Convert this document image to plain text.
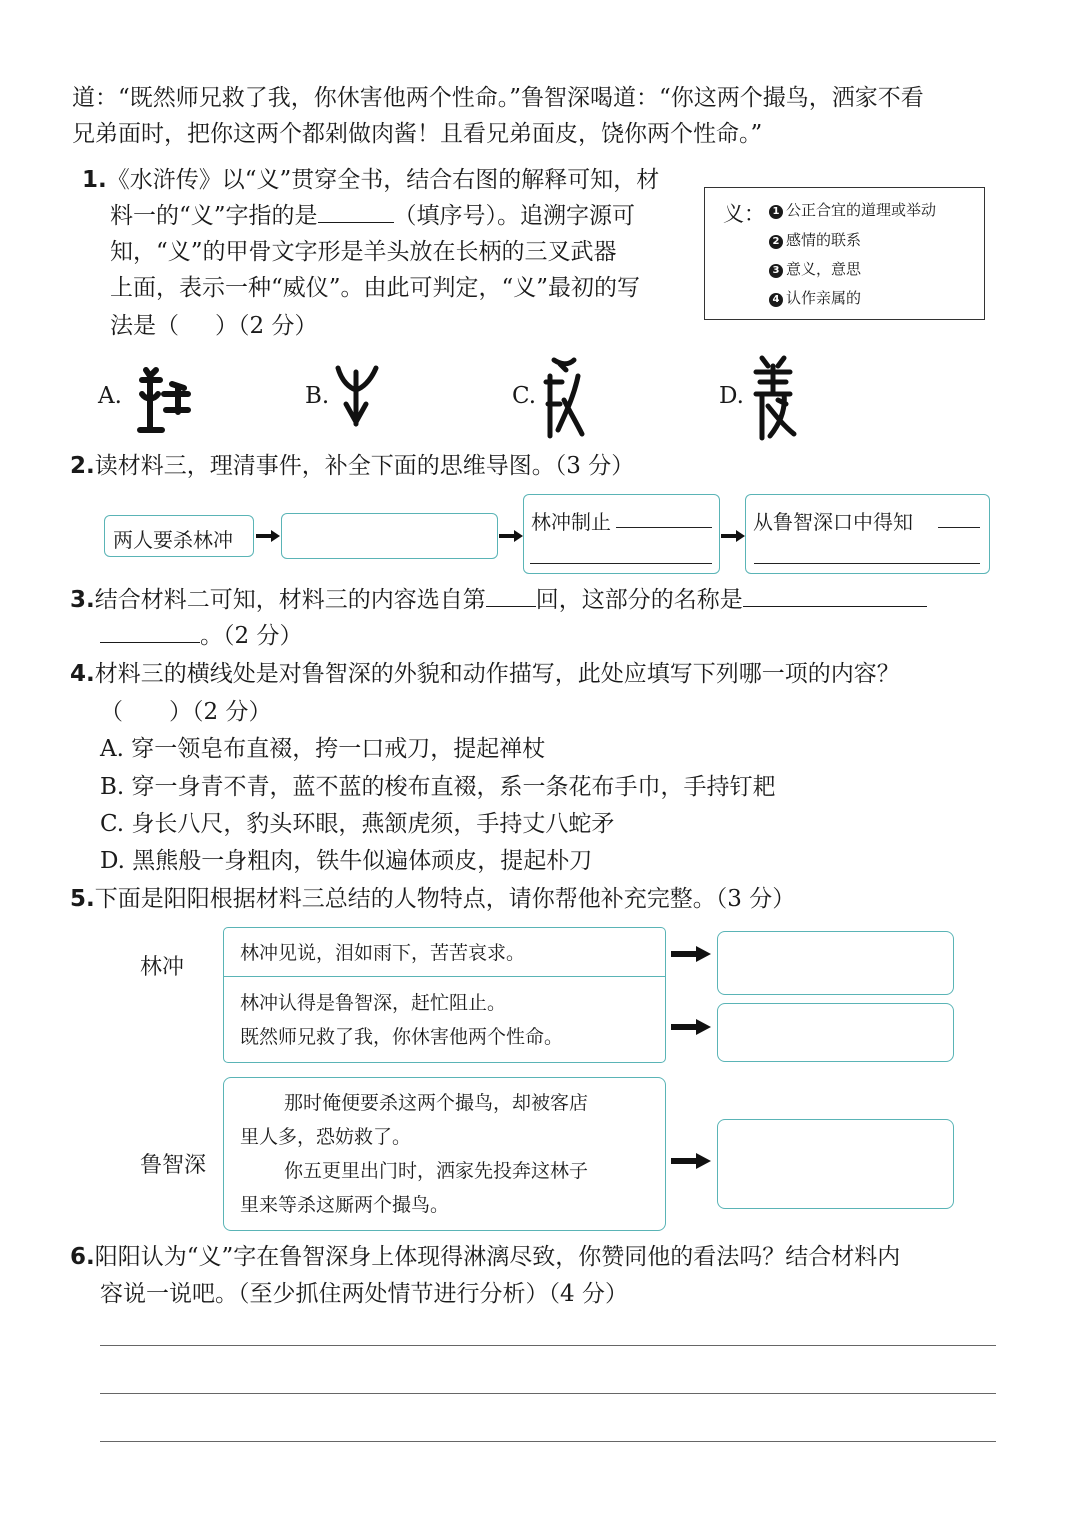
道：“既然师兄救了我，你休害他两个性命。”鲁智深喝道：“你这两个撮鸟，洒家不看
兄弟面时，把你这两个都剁做肉酱！且看兄弟面皮，饶你两个性命。”
1.《水浒传》以“义”贯穿全书，结合右图的解释可知，材
料一的“义”字指的是	（填序号）。追溯字源可
知，“义”的甲骨文字形是羊头放在长柄的三叉武器
上面，表示一种“威仪”。由此可判定，“义”最初的写
法是（ ）（2 分）
义： 1 公正合宜的道理或举动
2 感情的联系
3 意义，意思
4 认作亲属的
A.	B.	C.	D.
2.读材料三，理清事件，补全下面的思维导图。（3 分）
两人要杀林冲
林冲制止	从鲁智深口中得知
3.结合材料二可知，材料三的内容选自第 回，这部分的名称是
。（2 分）
4.材料三的横线处是对鲁智深的外貌和动作描写，此处应填写下列哪一项的内容？
（　　）（2 分）
A. 穿一领皂布直裰，挎一口戒刀，提起禅杖
B. 穿一身青不青，蓝不蓝的梭布直裰，系一条花布手巾，手持钉耙
C. 身长八尺，豹头环眼，燕颔虎须，手持丈八蛇矛
D. 黑熊般一身粗肉，铁牛似遍体顽皮，提起朴刀
5.下面是阳阳根据材料三总结的人物特点，请你帮他补充完整。（3 分）
林冲
林冲见说，泪如雨下，苦苦哀求。
林冲认得是鲁智深，赶忙阻止。
既然师兄救了我，你休害他两个性命。
鲁智深
那时俺便要杀这两个撮鸟，却被客店
里人多，恐妨救了。
你五更里出门时，洒家先投奔这林子
里来等杀这厮两个撮鸟。
6.阳阳认为“义”字在鲁智深身上体现得淋漓尽致，你赞同他的看法吗？结合材料内
容说一说吧。（至少抓住两处情节进行分析）（4 分）
